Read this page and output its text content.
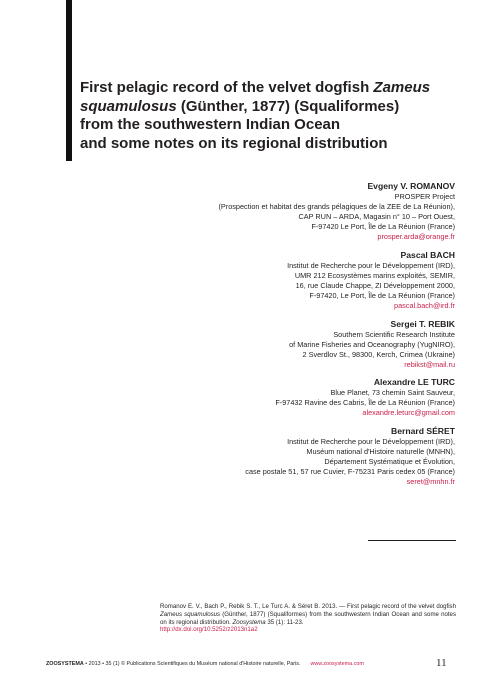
First pelagic record of the velvet dogfish Zameus
squamulosus (Günther, 1877) (Squaliformes)
from the southwestern Indian Ocean
and some notes on its regional distribution

Evgeny V. ROMANOV

PROSPER Project

(Prospection et habitat des grands pélagiques de la ZEE de La Réunion),

CAP RUN – ARDA, Magasin n° 10 – Port Ouest,

F-97420 Le Port, Île de La Réunion (France)

prosper.arda@orange.fr

Pascal BACH

Institut de Recherche pour le Développement (IRD),

UMR 212 Ecosystèmes marins exploités, SEMIR,

16, rue Claude Chappe, ZI Développement 2000,

F-97420, Le Port, Île de La Réunion (France)

pascal.bach@ird.fr

Sergei T. REBIK

Southern Scientific Research Institute

of Marine Fisheries and Oceanography (YugNIRO),

2 Sverdlov St., 98300, Kerch, Crimea (Ukraine)

rebikst@mail.ru

Alexandre LE TURC

Blue Planet, 73 chemin Saint Sauveur,

F-97432 Ravine des Cabris, Île de La Réunion (France)

alexandre.leturc@gmail.com

Bernard SÉRET

Institut de Recherche pour le Développement (IRD),

Muséum national d'Histoire naturelle (MNHN),

Département Systématique et Évolution,

case postale 51, 57 rue Cuvier, F-75231 Paris cedex 05 (France)

seret@mnhn.fr

Romanov E. V., Bach P., Rebik S. T., Le Turc A. & Séret B. 2013. — First pelagic record of the velvet dogfish Zameus squamulosus (Günther, 1877) (Squaliformes) from the southwestern Indian Ocean and some notes on its regional distribution. Zoosystema 35 (1): 11-23.

http://dx.doi.org/10.5252/z2013n1a2

ZOOSYSTEMA • 2013 • 35 (1) © Publications Scientifiques du Muséum national d'Histoire naturelle, Paris. www.zoosystema.com	11
